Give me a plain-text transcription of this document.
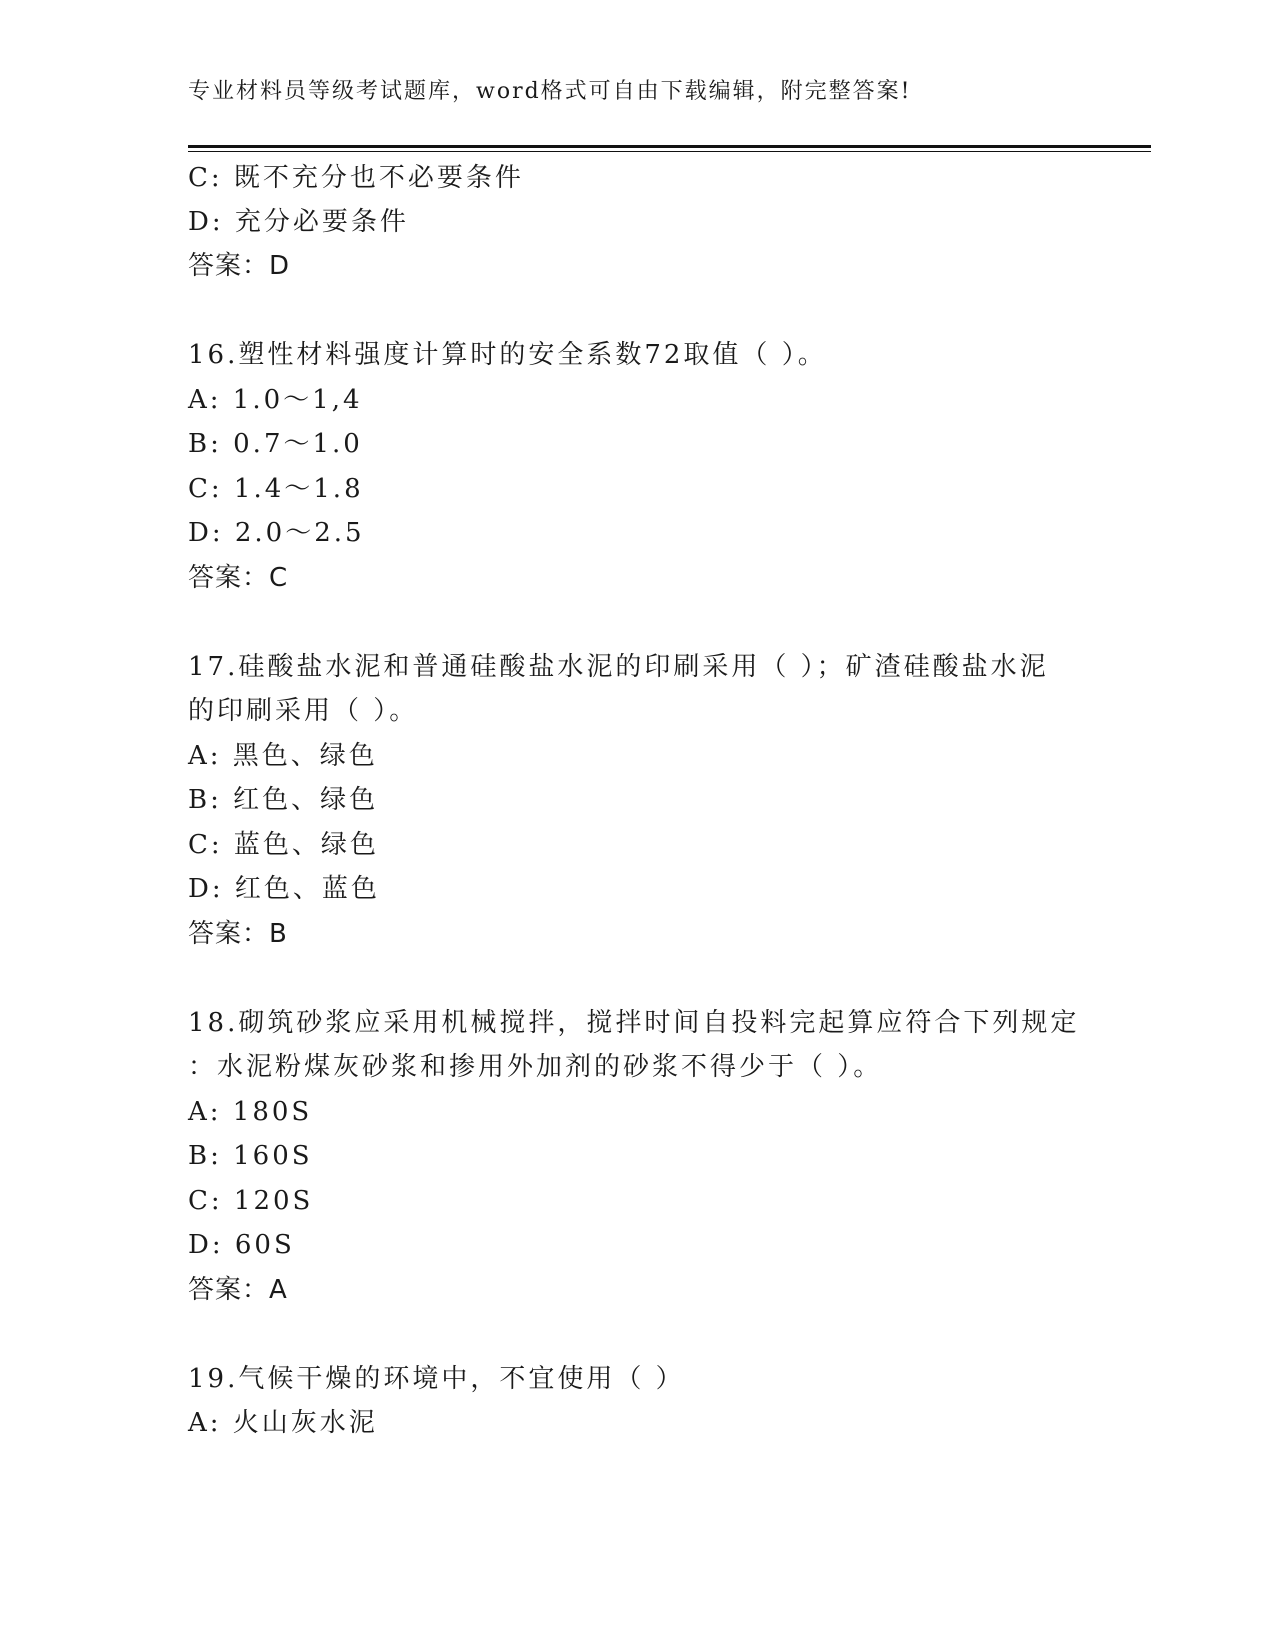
专业材料员等级考试题库，word格式可自由下载编辑，附完整答案!
C: 既不充分也不必要条件
D: 充分必要条件
答案：D
16.塑性材料强度计算时的安全系数72取值（ ）。
A: 1.0～1,4
B: 0.7～1.0
C: 1.4～1.8
D: 2.0～2.5
答案：C
17.硅酸盐水泥和普通硅酸盐水泥的印刷采用（ ）；矿渣硅酸盐水泥
的印刷采用（ ）。
A: 黑色、绿色
B: 红色、绿色
C: 蓝色、绿色
D: 红色、蓝色
答案：B
18.砌筑砂浆应采用机械搅拌，搅拌时间自投料完起算应符合下列规定
：水泥粉煤灰砂浆和掺用外加剂的砂浆不得少于（ ）。
A: 180S
B: 160S
C: 120S
D: 60S
答案：A
19.气候干燥的环境中，不宜使用（ ）
A: 火山灰水泥
